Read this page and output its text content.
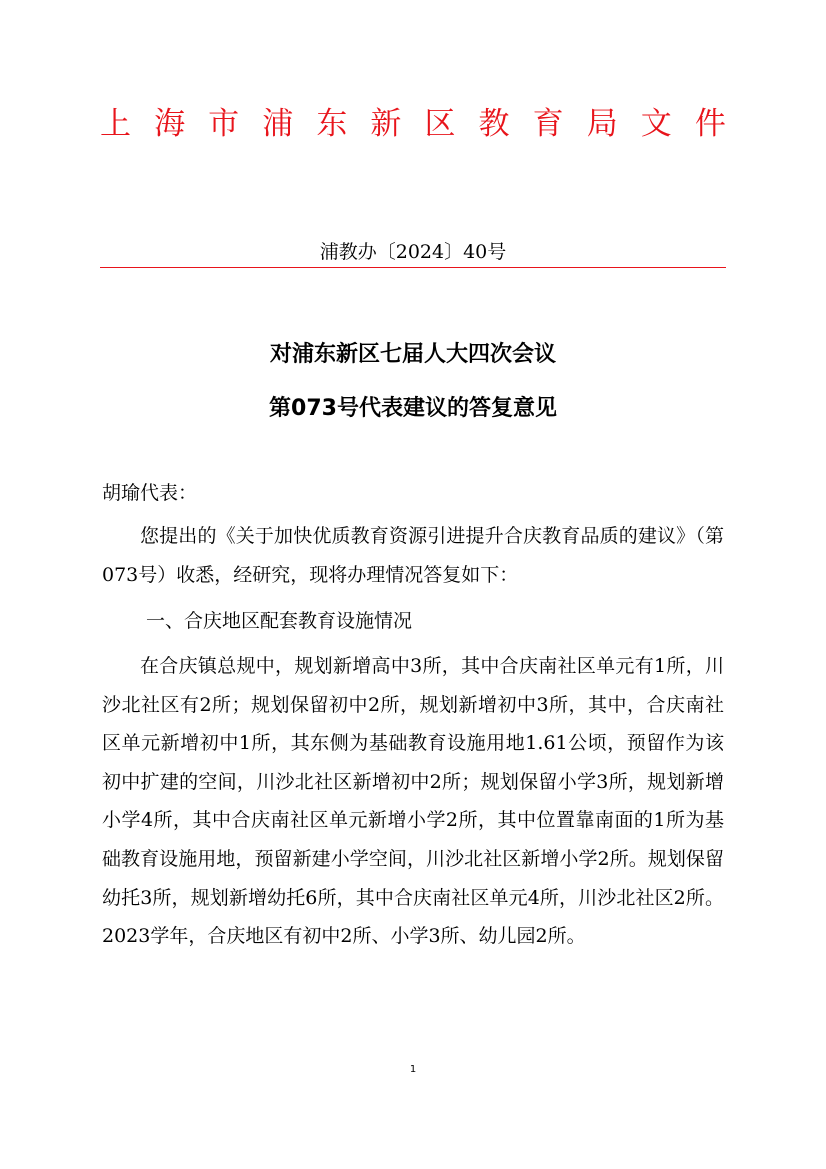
上 海 市 浦 东 新 区 教 育 局 文 件
浦教办〔2024〕40号
对浦东新区七届人大四次会议
第073号代表建议的答复意见

胡瑜代表：

您提出的《关于加快优质教育资源引进提升合庆教育品质的建议》（第073号）收悉，经研究，现将办理情况答复如下：

一、合庆地区配套教育设施情况

在合庆镇总规中，规划新增高中3所，其中合庆南社区单元有1所，川沙北社区有2所；规划保留初中2所，规划新增初中3所，其中，合庆南社区单元新增初中1所，其东侧为基础教育设施用地1.61公顷，预留作为该初中扩建的空间，川沙北社区新增初中2所；规划保留小学3所，规划新增小学4所，其中合庆南社区单元新增小学2所，其中位置靠南面的1所为基础教育设施用地，预留新建小学空间，川沙北社区新增小学2所。规划保留幼托3所，规划新增幼托6所，其中合庆南社区单元4所，川沙北社区2所。2023学年，合庆地区有初中2所、小学3所、幼儿园2所。

1
